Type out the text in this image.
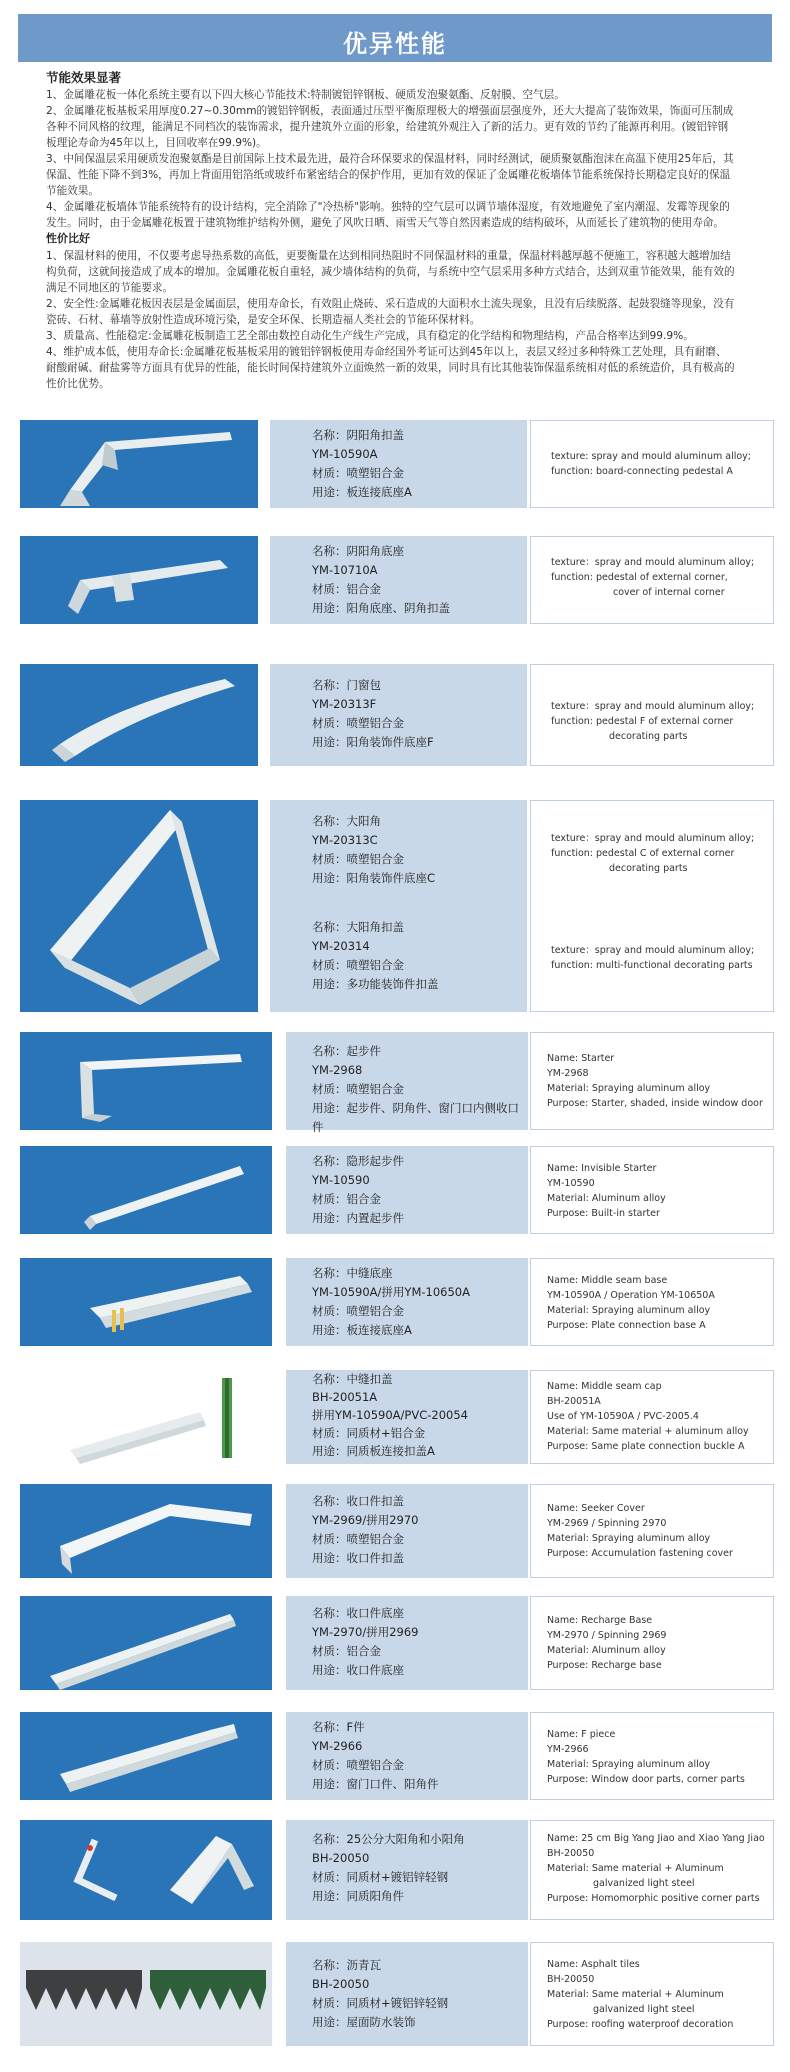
优异性能

节能效果显著

1、金属雕花板一体化系统主要有以下四大核心节能技术:特制镀铝锌钢板、硬质发泡聚氨酯、反射膜、空气层。

2、金属雕花板基板采用厚度0.27~0.30mm的镀铝锌钢板，表面通过压型平衡原理极大的增强面层强度外，还大大提高了装饰效果，饰面可压制成各种不同风格的纹理，能满足不同档次的装饰需求，提升建筑外立面的形象，给建筑外观注入了新的活力。更有效的节约了能源再利用。(镀铝锌钢板理论寿命为45年以上，目回收率在99.9%)。

3、中间保温层采用硬质发泡聚氨酯是目前国际上技术最先进，最符合环保要求的保温材料，同时经测试，硬质聚氨酯泡沫在高温下使用25年后，其保温、性能下降不到3%，再加上背面用铝箔纸或玻纤布紧密结合的保护作用，更加有效的保证了金属雕花板墙体节能系统保持长期稳定良好的保温节能效果。

4、金属雕花板墙体节能系统特有的设计结构，完全消除了"冷热桥"影响。独特的空气层可以调节墙体湿度，有效地避免了室内潮湿、发霉等现象的发生。同时，由于金属雕花板置于建筑物维护结构外侧，避免了风吹日晒、雨雪天气等自然因素造成的结构破坏，从而延长了建筑物的使用寿命。

性价比好

1、保温材料的使用，不仅要考虑导热系数的高低，更要衡量在达到相同热阻时不同保温材料的重量，保温材料越厚越不便施工，容积越大越增加结构负荷，这就间接造成了成本的增加。金属雕花板自重轻，减少墙体结构的负荷，与系统中空气层采用多种方式结合，达到双重节能效果，能有效的满足不同地区的节能要求。

2、安全性:金属雕花板因表层是金属面层，使用寿命长，有效阻止烧砖、采石造成的大面积水土流失现象，且没有后续脱落、起鼓裂缝等现象，没有瓷砖、石材、幕墙等放射性造成环境污染，是安全环保、长期造福人类社会的节能环保材料。

3、质量高、性能稳定:金属雕花板制造工艺全部由数控自动化生产线生产完成，具有稳定的化学结构和物理结构，产品合格率达到99.9%。

4、维护成本低，使用寿命长:金属雕花板基板采用的镀铝锌钢板使用寿命经国外考证可达到45年以上，表层又经过多种特殊工艺处理，具有耐磨、耐酸耐碱、耐盐雾等方面具有优异的性能，能长时间保持建筑外立面焕然一新的效果，同时具有比其他装饰保温系统相对低的系统造价，具有极高的性价比优势。

名称：阴阳角扣盖
YM-10590A
材质：喷塑铝合金
用途：板连接底座A
texture: spray and mould aluminum alloy;
function: board-connecting pedestal A
名称：阴阳角底座
YM-10710A
材质：铝合金
用途：阳角底座、阴角扣盖
texture：spray and mould aluminum alloy;
function: pedestal of external corner,
cover of internal corner
名称：门窗包
YM-20313F
材质：喷塑铝合金
用途：阳角装饰件底座F
texture：spray and mould aluminum alloy;
function: pedestal F of external corner
decorating parts
名称：大阳角
YM-20313C
材质：喷塑铝合金
用途：阳角装饰件底座C
名称：大阳角扣盖
YM-20314
材质：喷塑铝合金
用途：多功能装饰件扣盖
texture：spray and mould aluminum alloy;
function: pedestal C of external corner
decorating parts
texture：spray and mould aluminum alloy;
function: multi-functional decorating parts
名称：起步件
YM-2968
材质：喷塑铝合金
用途：起步件、阴角件、窗门口内侧收口件
Name: Starter
YM-2968
Material: Spraying aluminum alloy
Purpose: Starter, shaded, inside window door
名称：隐形起步件
YM-10590
材质：铝合金
用途：内置起步件
Name: Invisible Starter
YM-10590
Material: Aluminum alloy
Purpose: Built-in starter
名称：中缝底座
YM-10590A/拼用YM-10650A
材质：喷塑铝合金
用途：板连接底座A
Name: Middle seam base
YM-10590A / Operation YM-10650A
Material: Spraying aluminum alloy
Purpose: Plate connection base A
名称：中缝扣盖
BH-20051A
拼用YM-10590A/PVC-20054
材质：同质材+铝合金
用途：同质板连接扣盖A
Name: Middle seam cap
BH-20051A
Use of YM-10590A / PVC-2005.4
Material: Same material + aluminum alloy
Purpose: Same plate connection buckle A
名称：收口件扣盖
YM-2969/拼用2970
材质：喷塑铝合金
用途：收口件扣盖
Name: Seeker Cover
YM-2969 / Spinning 2970
Material: Spraying aluminum alloy
Purpose: Accumulation fastening cover
名称：收口件底座
YM-2970/拼用2969
材质：铝合金
用途：收口件底座
Name: Recharge Base
YM-2970 / Spinning 2969
Material: Aluminum alloy
Purpose: Recharge base
名称：F件
YM-2966
材质：喷塑铝合金
用途：窗门口件、阳角件
Name: F piece
YM-2966
Material: Spraying aluminum alloy
Purpose: Window door parts, corner parts
名称：25公分大阳角和小阳角
BH-20050
材质：同质材+镀铝锌轻钢
用途：同质阳角件
Name: 25 cm Big Yang Jiao and Xiao Yang Jiao
BH-20050
Material: Same material + Aluminum
galvanized light steel
Purpose: Homomorphic positive corner parts
名称：沥青瓦
BH-20050
材质：同质材+镀铝锌轻钢
用途：屋面防水装饰
Name: Asphalt tiles
BH-20050
Material: Same material + Aluminum
galvanized light steel
Purpose: roofing waterproof decoration
